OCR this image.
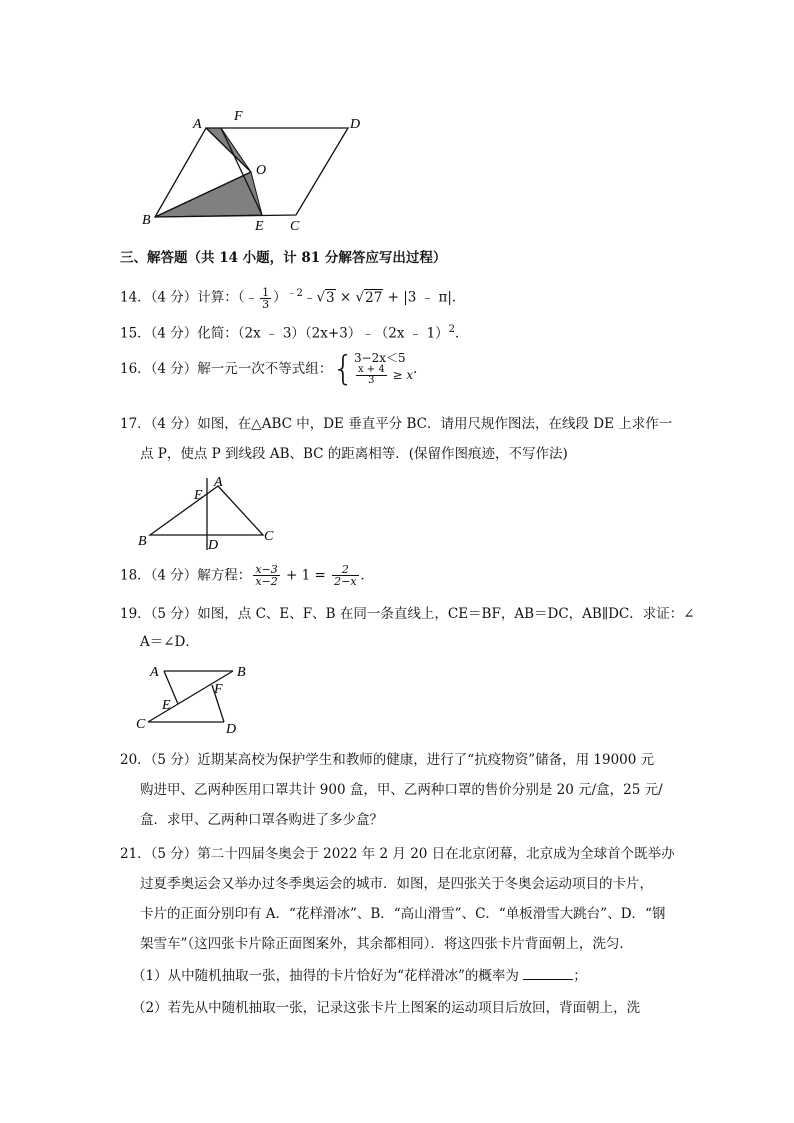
A
F
D
O
B	E C
三、解答题（共 14 小题，计 81 分解答应写出过程）
14．（4 分）计算：（﹣ $\frac{1}{3}$ ）$^{﹣2}$﹣√3 × √27 + |3 ﹣ π|．
15．（4 分）化简：（2x ﹣ 3）（2x+3）﹣（2x ﹣ 1）$^2$．
16．（4 分）解一元一次不等式组：{ 3−2x＜5
$\frac{x + 4}{3} \ge x$ ．
17．（4 分）如图，在△ABC 中，DE 垂直平分 BC．请用尺规作图法，在线段 DE 上求作一
点 P，使点 P 到线段 AB、BC 的距离相等．(保留作图痕迹，不写作法)
A
E
B	D
C
18．（4 分）解方程： $\frac{x-3}{x-2} + 1 = \frac{2}{2-x}$ ．
19．（5 分）如图，点 C、E、F、B 在同一条直线上，CE＝BF，AB＝DC，AB∥DC．求证：∠
A＝∠D．
A	B
F
E
C	D
20．（5 分）近期某高校为保护学生和教师的健康，进行了“抗疫物资”储备，用 19000 元
购进甲、乙两种医用口罩共计 900 盒，甲、乙两种口罩的售价分别是 20 元/盒，25 元/
盒．求甲、乙两种口罩各购进了多少盒？
21．（5 分）第二十四届冬奥会于 2022 年 2 月 20 日在北京闭幕，北京成为全球首个既举办
过夏季奥运会又举办过冬季奥运会的城市．如图，是四张关于冬奥会运动项目的卡片，
卡片的正面分别印有 A．“花样滑冰”、B．“高山滑雪”、C．“单板滑雪大跳台”、D．“钢
架雪车”（这四张卡片除正面图案外，其余都相同）．将这四张卡片背面朝上，洗匀．
（1）从中随机抽取一张，抽得的卡片恰好为“花样滑冰”的概率为	；
（2）若先从中随机抽取一张，记录这张卡片上图案的运动项目后放回，背面朝上，洗
